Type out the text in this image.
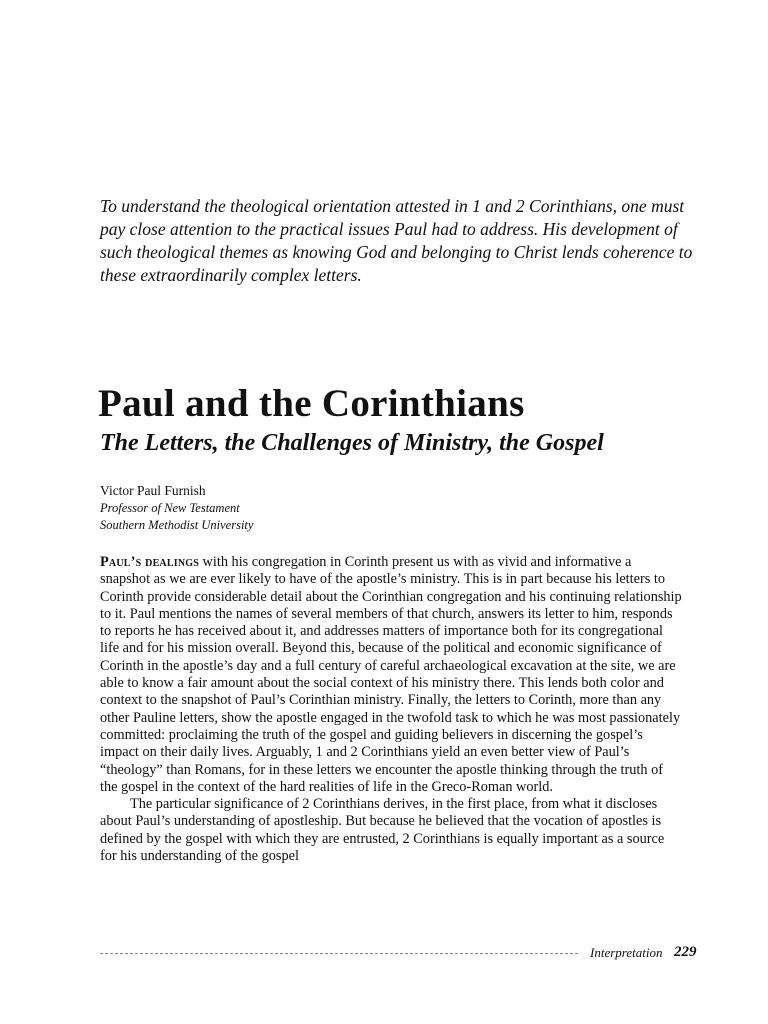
To understand the theological orientation attested in 1 and 2 Corinthians, one must pay close attention to the practical issues Paul had to address. His development of such theological themes as knowing God and belonging to Christ lends coherence to these extraordinarily complex letters.

Paul and the Corinthians
The Letters, the Challenges of Ministry, the Gospel
Victor Paul Furnish
Professor of New Testament
Southern Methodist University

Paul’s dealings with his congregation in Corinth present us with as vivid and informative a snapshot as we are ever likely to have of the apostle’s ministry. This is in part because his letters to Corinth provide considerable detail about the Corinthian congregation and his continuing relationship to it. Paul mentions the names of several members of that church, answers its letter to him, responds to reports he has received about it, and addresses matters of importance both for its congregational life and for his mission overall. Beyond this, because of the political and economic significance of Corinth in the apostle’s day and a full century of careful archaeological excavation at the site, we are able to know a fair amount about the social context of his ministry there. This lends both color and context to the snapshot of Paul’s Corinthian ministry. Finally, the letters to Corinth, more than any other Pauline letters, show the apostle engaged in the twofold task to which he was most passionately committed: proclaiming the truth of the gospel and guiding believers in discerning the gospel’s impact on their daily lives. Arguably, 1 and 2 Corinthians yield an even better view of Paul’s “theology” than Romans, for in these letters we encounter the apostle thinking through the truth of the gospel in the context of the hard realities of life in the Greco-Roman world.

The particular significance of 2 Corinthians derives, in the first place, from what it discloses about Paul’s understanding of apostleship. But because he believed that the vocation of apostles is defined by the gospel with which they are entrusted, 2 Corinthians is equally important as a source for his understanding of the gospel

Interpretation 229
